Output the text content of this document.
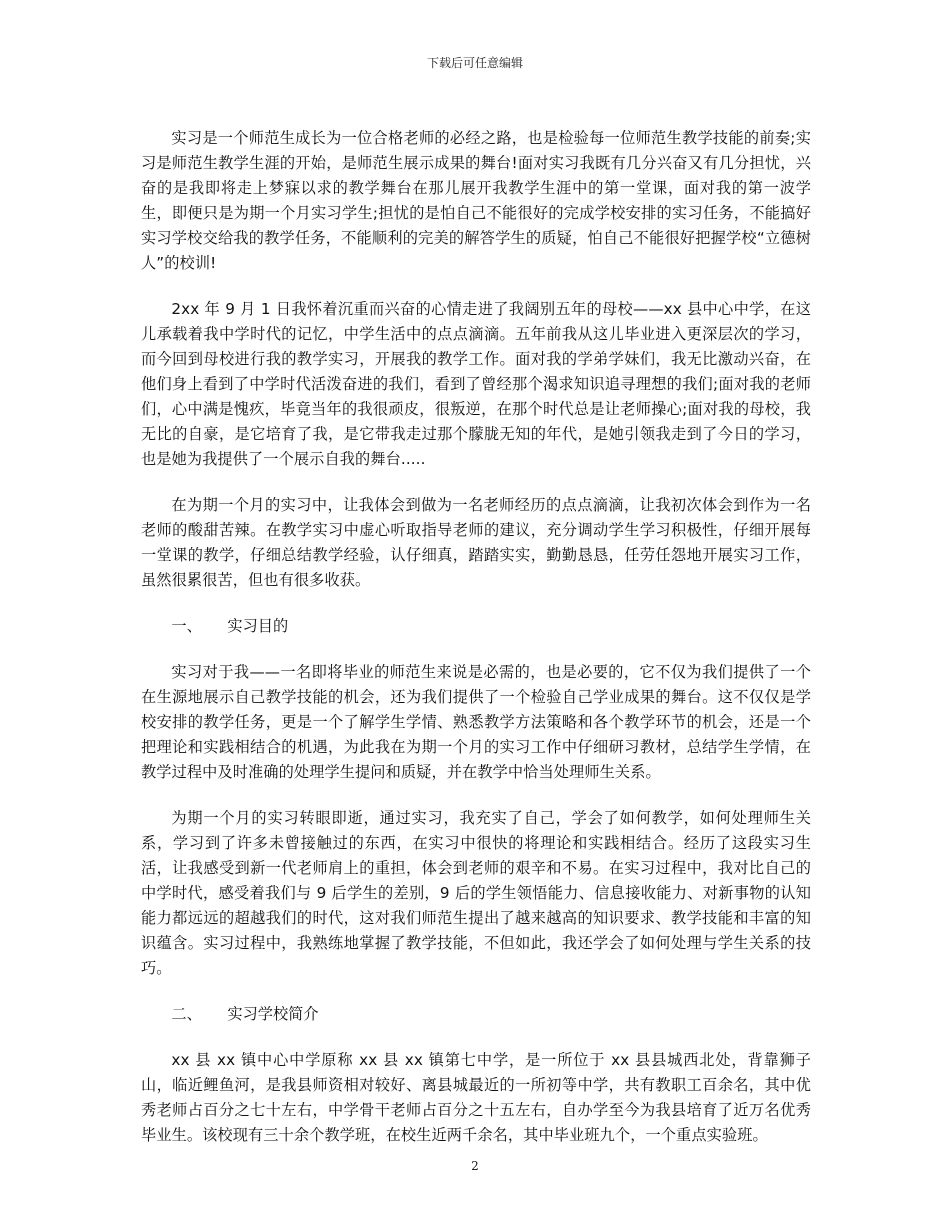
下载后可任意编辑

实习是一个师范生成长为一位合格老师的必经之路，也是检验每一位师范生教学技能的前奏;实习是师范生教学生涯的开始，是师范生展示成果的舞台!面对实习我既有几分兴奋又有几分担忧，兴奋的是我即将走上梦寐以求的教学舞台在那儿展开我教学生涯中的第一堂课，面对我的第一波学生，即便只是为期一个月实习学生;担忧的是怕自己不能很好的完成学校安排的实习任务，不能搞好实习学校交给我的教学任务，不能顺利的完美的解答学生的质疑，怕自己不能很好把握学校“立德树人”的校训!

2xx 年 9 月 1 日我怀着沉重而兴奋的心情走进了我阔别五年的母校——xx 县中心中学，在这儿承载着我中学时代的记忆，中学生活中的点点滴滴。五年前我从这儿毕业进入更深层次的学习，而今回到母校进行我的教学实习，开展我的教学工作。面对我的学弟学妹们，我无比激动兴奋，在他们身上看到了中学时代活泼奋进的我们，看到了曾经那个渴求知识追寻理想的我们;面对我的老师们，心中满是愧疚，毕竟当年的我很顽皮，很叛逆，在那个时代总是让老师操心;面对我的母校，我无比的自豪，是它培育了我，是它带我走过那个朦胧无知的年代，是她引领我走到了今日的学习，也是她为我提供了一个展示自我的舞台.....

在为期一个月的实习中，让我体会到做为一名老师经历的点点滴滴，让我初次体会到作为一名老师的酸甜苦辣。在教学实习中虚心听取指导老师的建议，充分调动学生学习积极性，仔细开展每一堂课的教学，仔细总结教学经验，认仔细真，踏踏实实，勤勤恳恳，任劳任怨地开展实习工作，虽然很累很苦，但也有很多收获。

一、 实习目的

实习对于我——一名即将毕业的师范生来说是必需的，也是必要的，它不仅为我们提供了一个在生源地展示自己教学技能的机会，还为我们提供了一个检验自己学业成果的舞台。这不仅仅是学校安排的教学任务，更是一个了解学生学情、熟悉教学方法策略和各个教学环节的机会，还是一个把理论和实践相结合的机遇，为此我在为期一个月的实习工作中仔细研习教材，总结学生学情，在教学过程中及时准确的处理学生提问和质疑，并在教学中恰当处理师生关系。

为期一个月的实习转眼即逝，通过实习，我充实了自己，学会了如何教学，如何处理师生关系，学习到了许多未曾接触过的东西，在实习中很快的将理论和实践相结合。经历了这段实习生活，让我感受到新一代老师肩上的重担，体会到老师的艰辛和不易。在实习过程中，我对比自己的中学时代，感受着我们与 9 后学生的差别，9 后的学生领悟能力、信息接收能力、对新事物的认知能力都远远的超越我们的时代，这对我们师范生提出了越来越高的知识要求、教学技能和丰富的知识蕴含。实习过程中，我熟练地掌握了教学技能，不但如此，我还学会了如何处理与学生关系的技巧。

二、 实习学校简介

xx 县 xx 镇中心中学原称 xx 县 xx 镇第七中学，是一所位于 xx 县县城西北处，背靠狮子山，临近鲤鱼河，是我县师资相对较好、离县城最近的一所初等中学，共有教职工百余名，其中优秀老师占百分之七十左右，中学骨干老师占百分之十五左右，自办学至今为我县培育了近万名优秀毕业生。该校现有三十余个教学班，在校生近两千余名，其中毕业班九个，一个重点实验班。

2
